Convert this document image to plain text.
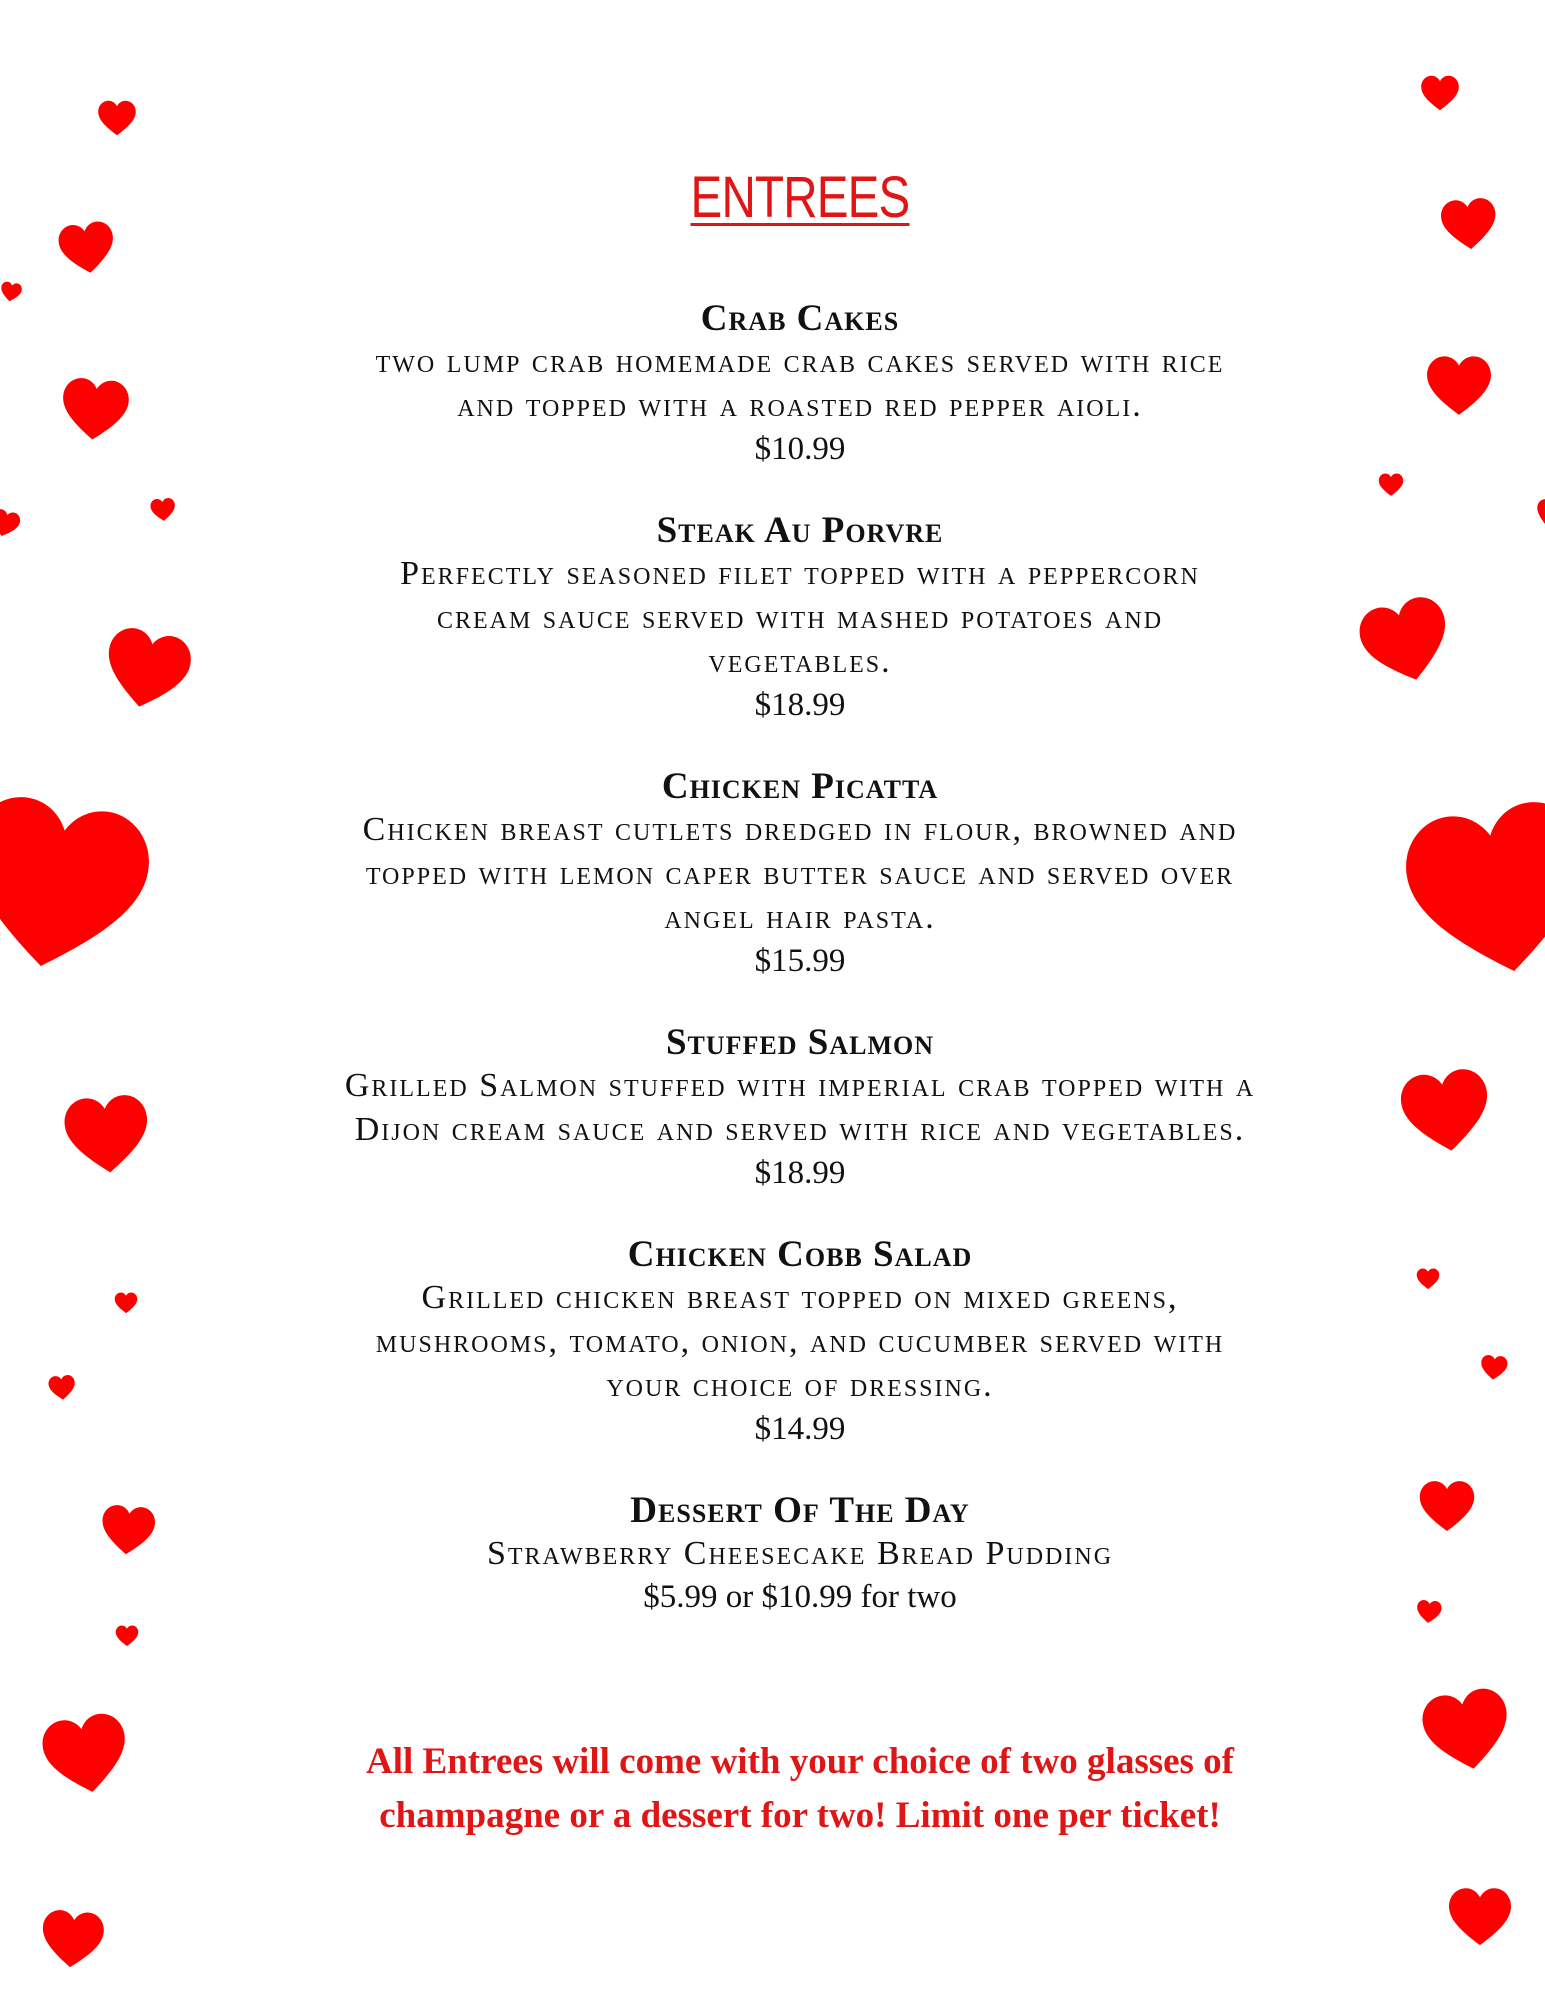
ENTREES
Crab Cakes
two lump crab homemade crab cakes served with rice
and topped with a roasted red pepper aioli.
$10.99
Steak Au Porvre
Perfectly seasoned filet topped with a peppercorn
cream sauce served with mashed potatoes and
vegetables.
$18.99
Chicken Picatta
Chicken breast cutlets dredged in flour, browned and
topped with lemon caper butter sauce and served over
angel hair pasta.
$15.99
Stuffed Salmon
Grilled Salmon stuffed with imperial crab topped with a
Dijon cream sauce and served with rice and vegetables.
$18.99
Chicken Cobb Salad
Grilled chicken breast topped on mixed greens,
mushrooms, tomato, onion, and cucumber served with
your choice of dressing.
$14.99
Dessert Of The Day
Strawberry Cheesecake Bread Pudding
$5.99 or $10.99 for two
All Entrees will come with your choice of two glasses of
champagne or a dessert for two! Limit one per ticket!
